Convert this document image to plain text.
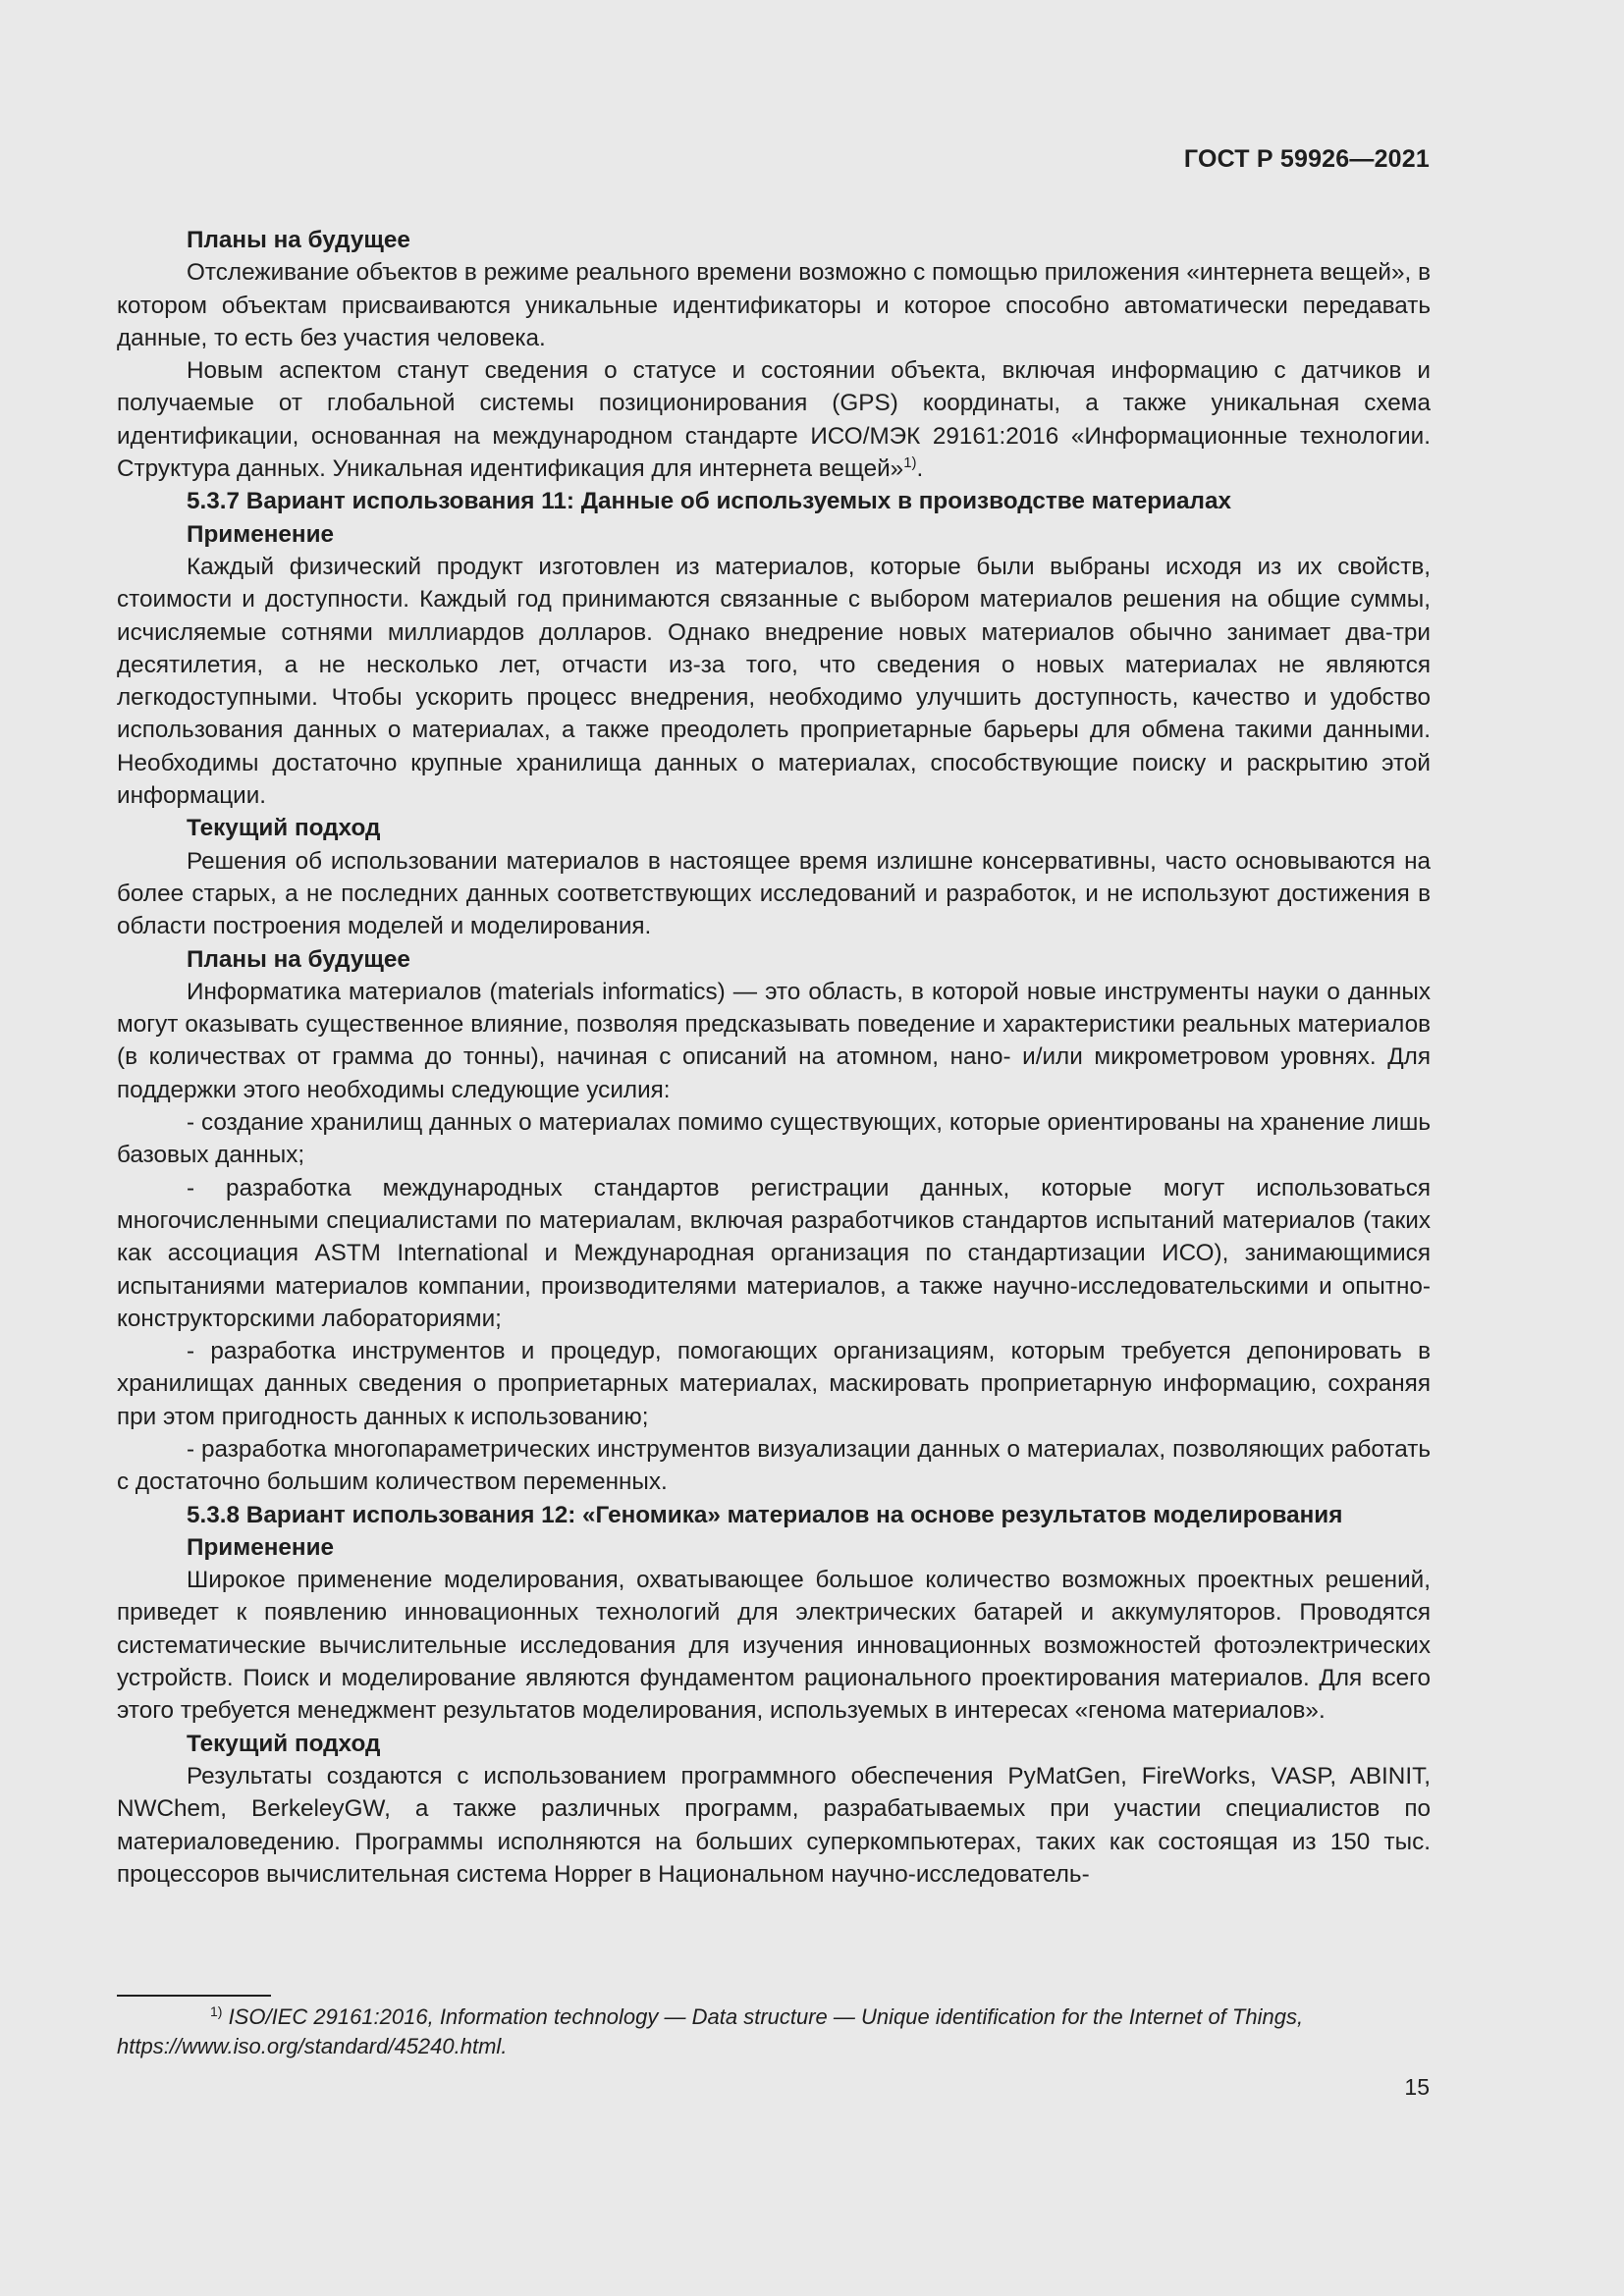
ГОСТ Р 59926—2021

Планы на будущее

Отслеживание объектов в режиме реального времени возможно с помощью приложения «интернета вещей», в котором объектам присваиваются уникальные идентификаторы и которое способно автоматически передавать данные, то есть без участия человека.

Новым аспектом станут сведения о статусе и состоянии объекта, включая информацию с датчиков и получаемые от глобальной системы позиционирования (GPS) координаты, а также уникальная схема идентификации, основанная на международном стандарте ИСО/МЭК 29161:2016 «Информационные технологии. Структура данных. Уникальная идентификация для интернета вещей»$^{1)}$.

5.3.7 Вариант использования 11: Данные об используемых в производстве материалах

Применение

Каждый физический продукт изготовлен из материалов, которые были выбраны исходя из их свойств, стоимости и доступности. Каждый год принимаются связанные с выбором материалов решения на общие суммы, исчисляемые сотнями миллиардов долларов. Однако внедрение новых материалов обычно занимает два-три десятилетия, а не несколько лет, отчасти из-за того, что сведения о новых материалах не являются легкодоступными. Чтобы ускорить процесс внедрения, необходимо улучшить доступность, качество и удобство использования данных о материалах, а также преодолеть проприетарные барьеры для обмена такими данными. Необходимы достаточно крупные хранилища данных о материалах, способствующие поиску и раскрытию этой информации.

Текущий подход

Решения об использовании материалов в настоящее время излишне консервативны, часто основываются на более старых, а не последних данных соответствующих исследований и разработок, и не используют достижения в области построения моделей и моделирования.

Планы на будущее

Информатика материалов (materials informatics) — это область, в которой новые инструменты науки о данных могут оказывать существенное влияние, позволяя предсказывать поведение и характеристики реальных материалов (в количествах от грамма до тонны), начиная с описаний на атомном, нано- и/или микрометровом уровнях. Для поддержки этого необходимы следующие усилия:

- создание хранилищ данных о материалах помимо существующих, которые ориентированы на хранение лишь базовых данных;

- разработка международных стандартов регистрации данных, которые могут использоваться многочисленными специалистами по материалам, включая разработчиков стандартов испытаний материалов (таких как ассоциация ASTM International и Международная организация по стандартизации ИСО), занимающимися испытаниями материалов компании, производителями материалов, а также научно-исследовательскими и опытно-конструкторскими лабораториями;

- разработка инструментов и процедур, помогающих организациям, которым требуется депонировать в хранилищах данных сведения о проприетарных материалах, маскировать проприетарную информацию, сохраняя при этом пригодность данных к использованию;

- разработка многопараметрических инструментов визуализации данных о материалах, позволяющих работать с достаточно большим количеством переменных.

5.3.8 Вариант использования 12: «Геномика» материалов на основе результатов моделирования

Применение

Широкое применение моделирования, охватывающее большое количество возможных проектных решений, приведет к появлению инновационных технологий для электрических батарей и аккумуляторов. Проводятся систематические вычислительные исследования для изучения инновационных возможностей фотоэлектрических устройств. Поиск и моделирование являются фундаментом рационального проектирования материалов. Для всего этого требуется менеджмент результатов моделирования, используемых в интересах «генома материалов».

Текущий подход

Результаты создаются с использованием программного обеспечения PyMatGen, FireWorks, VASP, ABINIT, NWChem, BerkeleyGW, а также различных программ, разрабатываемых при участии специалистов по материаловедению. Программы исполняются на больших суперкомпьютерах, таких как состоящая из 150 тыс. процессоров вычислительная система Hopper в Национальном научно-исследователь-

$^{1)}$ ISO/IEC 29161:2016, Information technology — Data structure — Unique identification for the Internet of Things, https://www.iso.org/standard/45240.html.
15
